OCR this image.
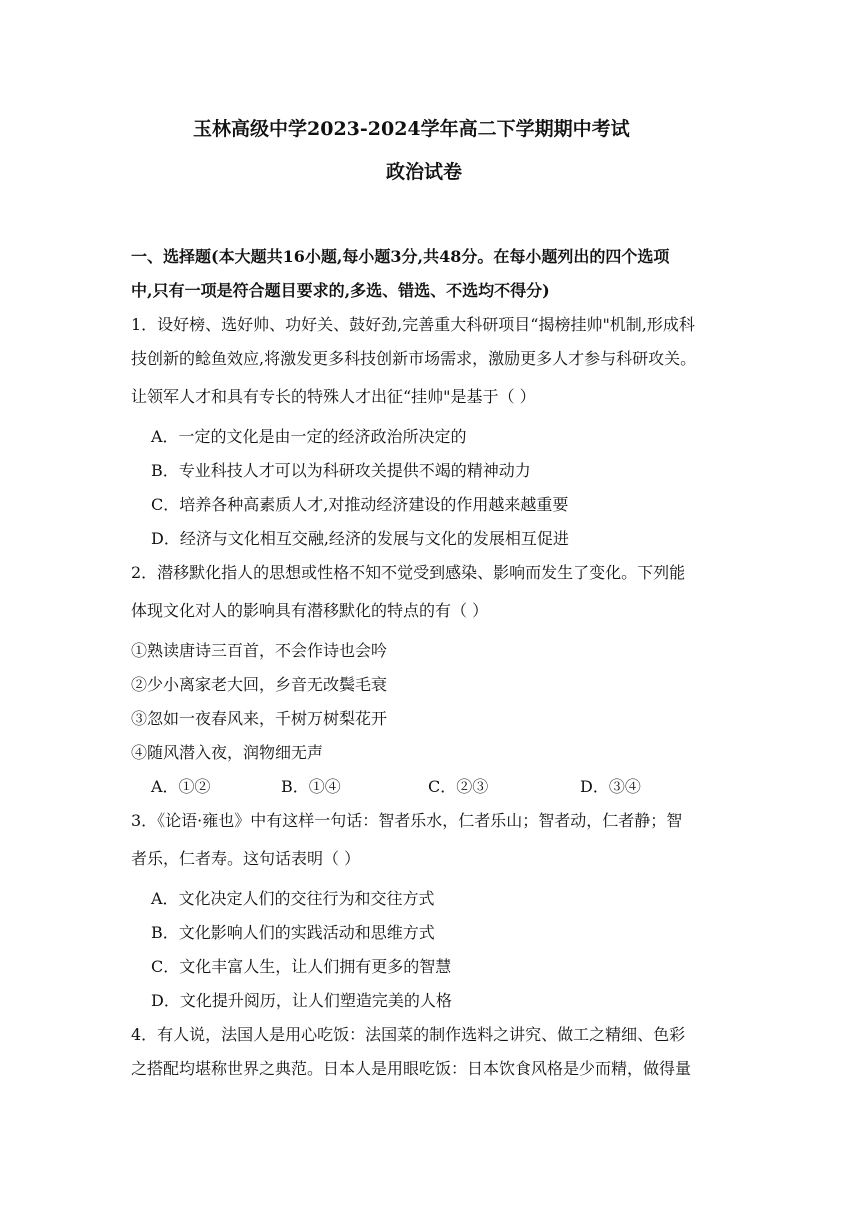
玉林高级中学2023-2024学年高二下学期期中考试
政治试卷
一、选择题(本大题共16小题,每小题3分,共48分。在每小题列出的四个选项
中,只有一项是符合题目要求的,多选、错选、不选均不得分)
1．设好榜、选好帅、功好关、鼓好劲,完善重大科研项目“揭榜挂帅"机制,形成科
技创新的鲶鱼效应,将激发更多科技创新市场需求，激励更多人才参与科研攻关。
让领军人才和具有专长的特殊人才出征“挂帅"是基于（ ）
A．一定的文化是由一定的经济政治所决定的
B．专业科技人才可以为科研攻关提供不竭的精神动力
C．培养各种高素质人才,对推动经济建设的作用越来越重要
D．经济与文化相互交融,经济的发展与文化的发展相互促进
2．潜移默化指人的思想或性格不知不觉受到感染、影响而发生了变化。下列能
体现文化对人的影响具有潜移默化的特点的有（ ）
①熟读唐诗三百首，不会作诗也会吟
②少小离家老大回，乡音无改鬓毛衰
③忽如一夜春风来，千树万树梨花开
④随风潜入夜，润物细无声
A．①②	B．①④	C．②③	D．③④
3．《论语·雍也》中有这样一句话：智者乐水，仁者乐山；智者动，仁者静；智
者乐，仁者寿。这句话表明（ ）
A．文化决定人们的交往行为和交往方式
B．文化影响人们的实践活动和思维方式
C．文化丰富人生，让人们拥有更多的智慧
D．文化提升阅历，让人们塑造完美的人格
4．有人说，法国人是用心吃饭：法国菜的制作选料之讲究、做工之精细、色彩
之搭配均堪称世界之典范。日本人是用眼吃饭：日本饮食风格是少而精，做得量
